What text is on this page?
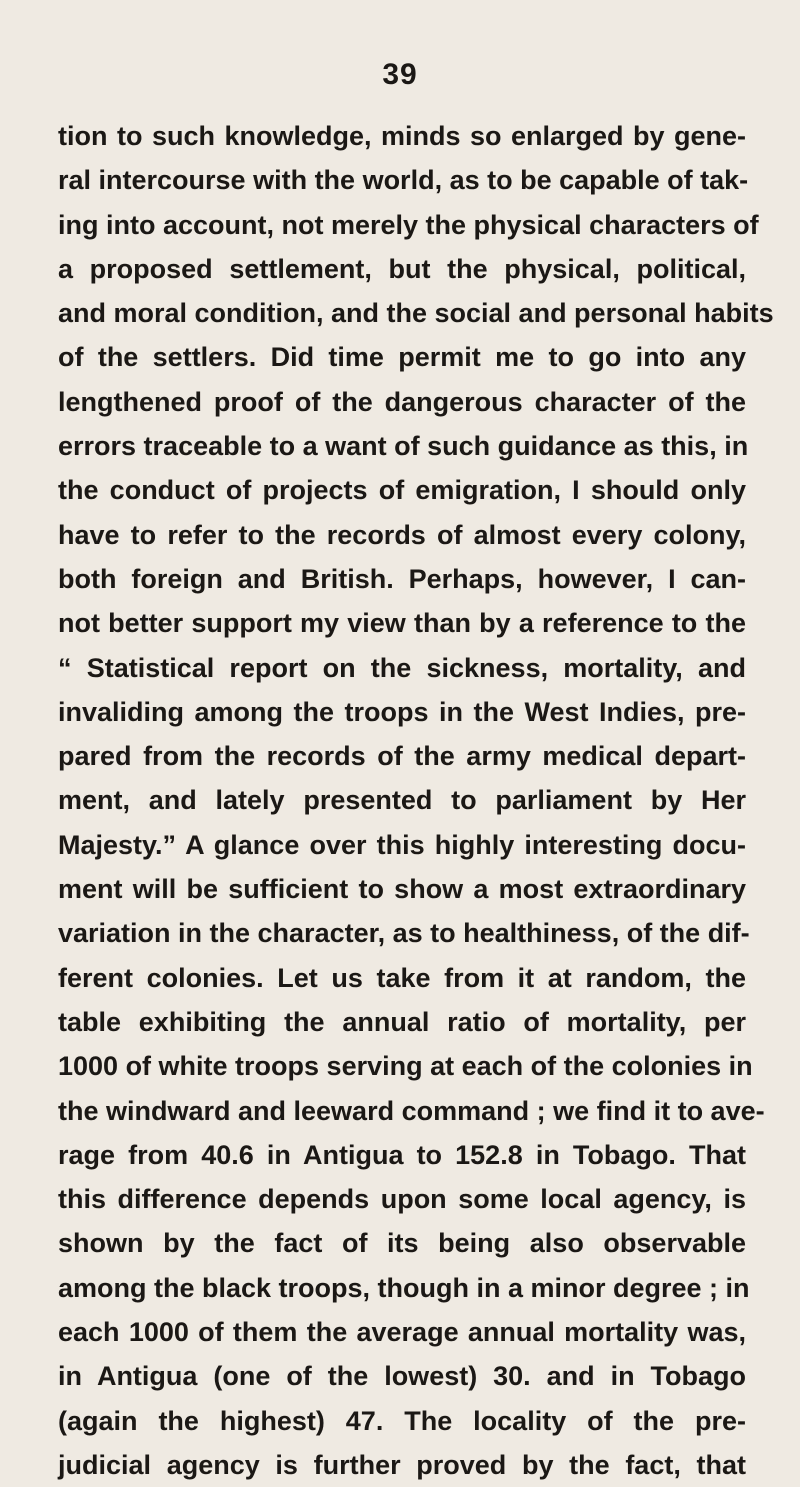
39
tion to such knowledge, minds so enlarged by gene-
ral intercourse with the world, as to be capable of tak-
ing into account, not merely the physical characters of
a proposed settlement, but the physical, political,
and moral condition, and the social and personal habits
of the settlers. Did time permit me to go into any
lengthened proof of the dangerous character of the
errors traceable to a want of such guidance as this, in
the conduct of projects of emigration, I should only
have to refer to the records of almost every colony,
both foreign and British. Perhaps, however, I can-
not better support my view than by a reference to the
“ Statistical report on the sickness, mortality, and
invaliding among the troops in the West Indies, pre-
pared from the records of the army medical depart-
ment, and lately presented to parliament by Her
Majesty.” A glance over this highly interesting docu-
ment will be sufficient to show a most extraordinary
variation in the character, as to healthiness, of the dif-
ferent colonies. Let us take from it at random, the
table exhibiting the annual ratio of mortality, per
1000 of white troops serving at each of the colonies in
the windward and leeward command ; we find it to ave-
rage from 40.6 in Antigua to 152.8 in Tobago. That
this difference depends upon some local agency, is
shown by the fact of its being also observable
among the black troops, though in a minor degree ; in
each 1000 of them the average annual mortality was,
in Antigua (one of the lowest) 30. and in Tobago
(again the highest) 47. The locality of the pre-
judicial agency is further proved by the fact, that
